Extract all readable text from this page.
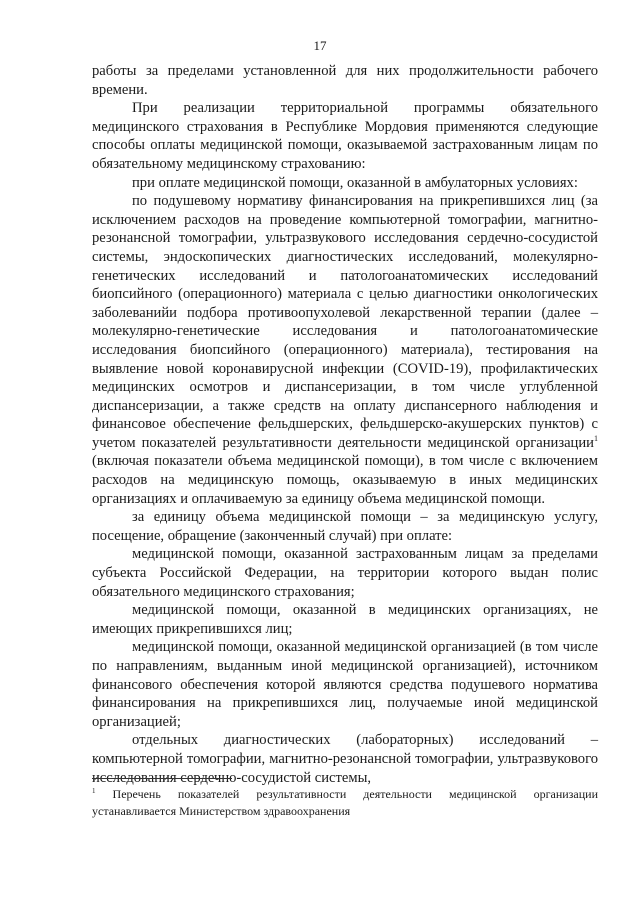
17

работы за пределами установленной для них продолжительности рабочего времени.

При реализации территориальной программы обязательного медицинского страхования в Республике Мордовия применяются следующие способы оплаты медицинской помощи, оказываемой застрахованным лицам по обязательному медицинскому страхованию:

при оплате медицинской помощи, оказанной в амбулаторных условиях:

по подушевому нормативу финансирования на прикрепившихся лиц (за исключением расходов на проведение компьютерной томографии, магнитно-резонансной томографии, ультразвукового исследования сердечно-сосудистой системы, эндоскопических диагностических исследований, молекулярно-генетических исследований и патологоанатомических исследований биопсийного (операционного) материала с целью диагностики онкологических заболеванийи подбора противоопухолевой лекарственной терапии (далее – молекулярно-генетические исследования и патологоанатомические исследования биопсийного (операционного) материала), тестирования на выявление новой коронавирусной инфекции (COVID-19), профилактических медицинских осмотров и диспансеризации, в том числе углубленной диспансеризации, а также средств на оплату диспансерного наблюдения и финансовое обеспечение фельдшерских, фельдшерско-акушерских пунктов) с учетом показателей результативности деятельности медицинской организации$^1$ (включая показатели объема медицинской помощи), в том числе с включением расходов на медицинскую помощь, оказываемую в иных медицинских организациях и оплачиваемую за единицу объема медицинской помощи.

за единицу объема медицинской помощи – за медицинскую услугу, посещение, обращение (законченный случай) при оплате:

медицинской помощи, оказанной застрахованным лицам за пределами субъекта Российской Федерации, на территории которого выдан полис обязательного медицинского страхования;

медицинской помощи, оказанной в медицинских организациях, не имеющих прикрепившихся лиц;

медицинской помощи, оказанной медицинской организацией (в том числе по направлениям, выданным иной медицинской организацией), источником финансового обеспечения которой являются средства подушевого норматива финансирования на прикрепившихся лиц, получаемые иной медицинской организацией;

отдельных диагностических (лабораторных) исследований – компьютерной томографии, магнитно-резонансной томографии, ультразвукового исследования сердечно-сосудистой системы,

$^1$ Перечень показателей результативности деятельности медицинской организации устанавливается Министерством здравоохранения
